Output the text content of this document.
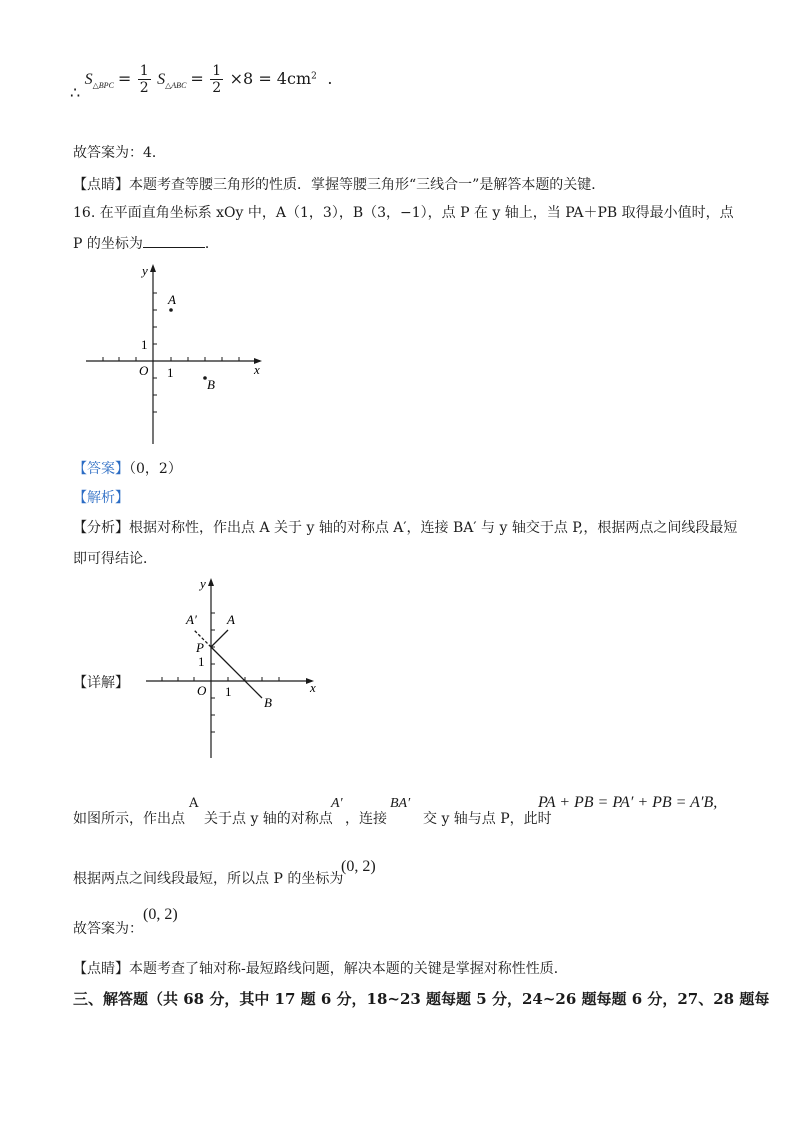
∴ $S_{\triangle BPC} = \frac{1}{2} S_{\triangle ABC} = \frac{1}{2} \times 8 = 4cm^2$ .
故答案为：4．
【点睛】本题考查等腰三角形的性质．掌握等腰三角形“三线合一”是解答本题的关键．
16. 在平面直角坐标系 xOy 中，A（1，3），B（3，−1），点 P 在 y 轴上，当 PA＋PB 取得最小值时，点
P 的坐标为	．
y
x
O 1
1
A
B
【答案】（0，2）
【解析】
【分析】根据对称性，作出点 A 关于 y 轴的对称点 A′，连接 BA′ 与 y 轴交于点 P,，根据两点之间线段最短
即可得结论．
【详解】
y
x
O 1
1
A
A′
P
B
如图所示，作出点
A
关于点 y 轴的对称点
A′
，连接
BA′
交 y 轴与点 P，此时
PA + PB = PA′ + PB = A′B,
根据两点之间线段最短，所以点 P 的坐标为
(0, 2)
故答案为：
(0, 2)
【点睛】本题考查了轴对称-最短路线问题，解决本题的关键是掌握对称性性质．
三、解答题（共 68 分，其中 17 题 6 分，18~23 题每题 5 分，24~26 题每题 6 分，27、28 题每
